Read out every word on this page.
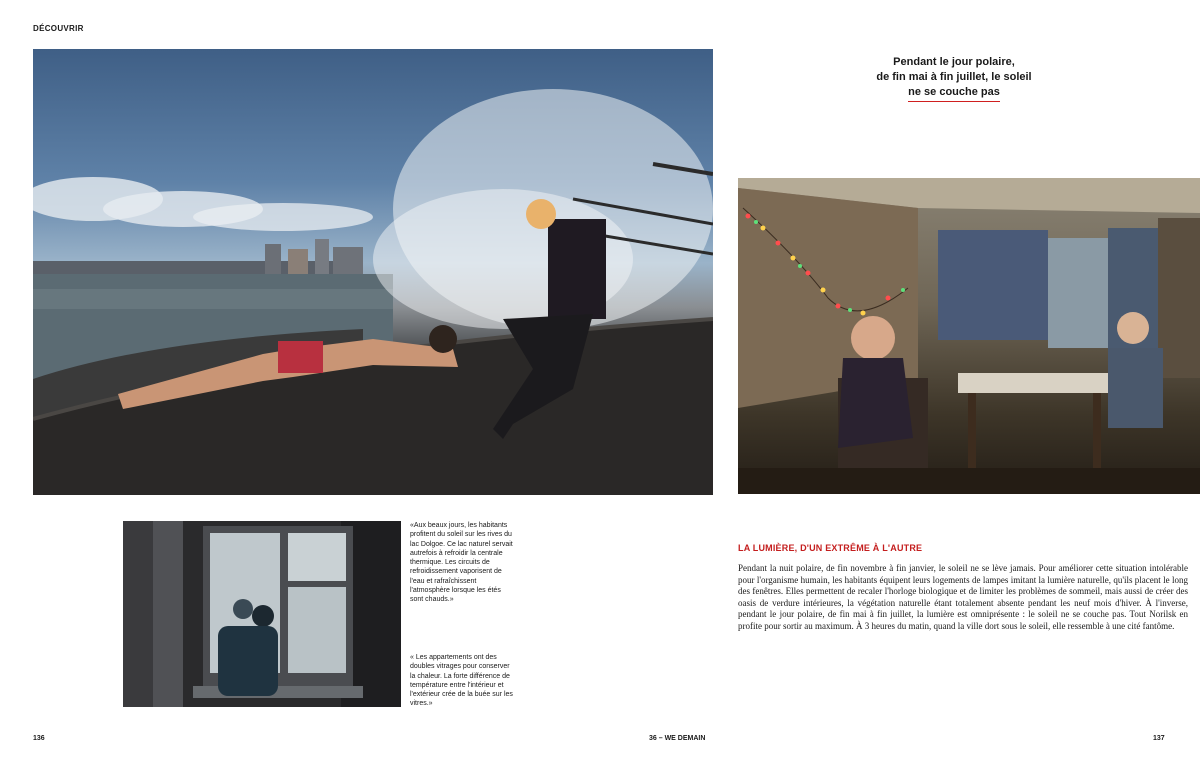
DÉCOUVRIR
Pendant le jour polaire,
de fin mai à fin juillet, le soleil
ne se couche pas
«Aux beaux jours, les habitants profitent du soleil sur les rives du lac Dolgoe. Ce lac naturel servait autrefois à refroidir la centrale thermique. Les circuits de refroidissement vaporisent de l'eau et rafraîchissent l'atmosphère lorsque les étés sont chauds.»
« Les appartements ont des doubles vitrages pour conserver la chaleur. La forte différence de température entre l'intérieur et l'extérieur crée de la buée sur les vitres.»
LA LUMIÈRE, D'UN EXTRÊME À L'AUTRE
Pendant la nuit polaire, de fin novembre à fin janvier, le soleil ne se lève jamais. Pour améliorer cette situation intolérable pour l'organisme humain, les habitants équipent leurs logements de lampes imitant la lumière naturelle, qu'ils placent le long des fenêtres. Elles permettent de recaler l'horloge biologique et de limiter les problèmes de sommeil, mais aussi de créer des oasis de verdure intérieures, la végétation naturelle étant totalement absente pendant les neuf mois d'hiver. À l'inverse, pendant le jour polaire, de fin mai à fin juillet, la lumière est omniprésente : le soleil ne se couche pas. Tout Norilsk en profite pour sortir au maximum. À 3 heures du matin, quand la ville dort sous le soleil, elle ressemble à une cité fantôme.
136	36 – WE DEMAIN	137
